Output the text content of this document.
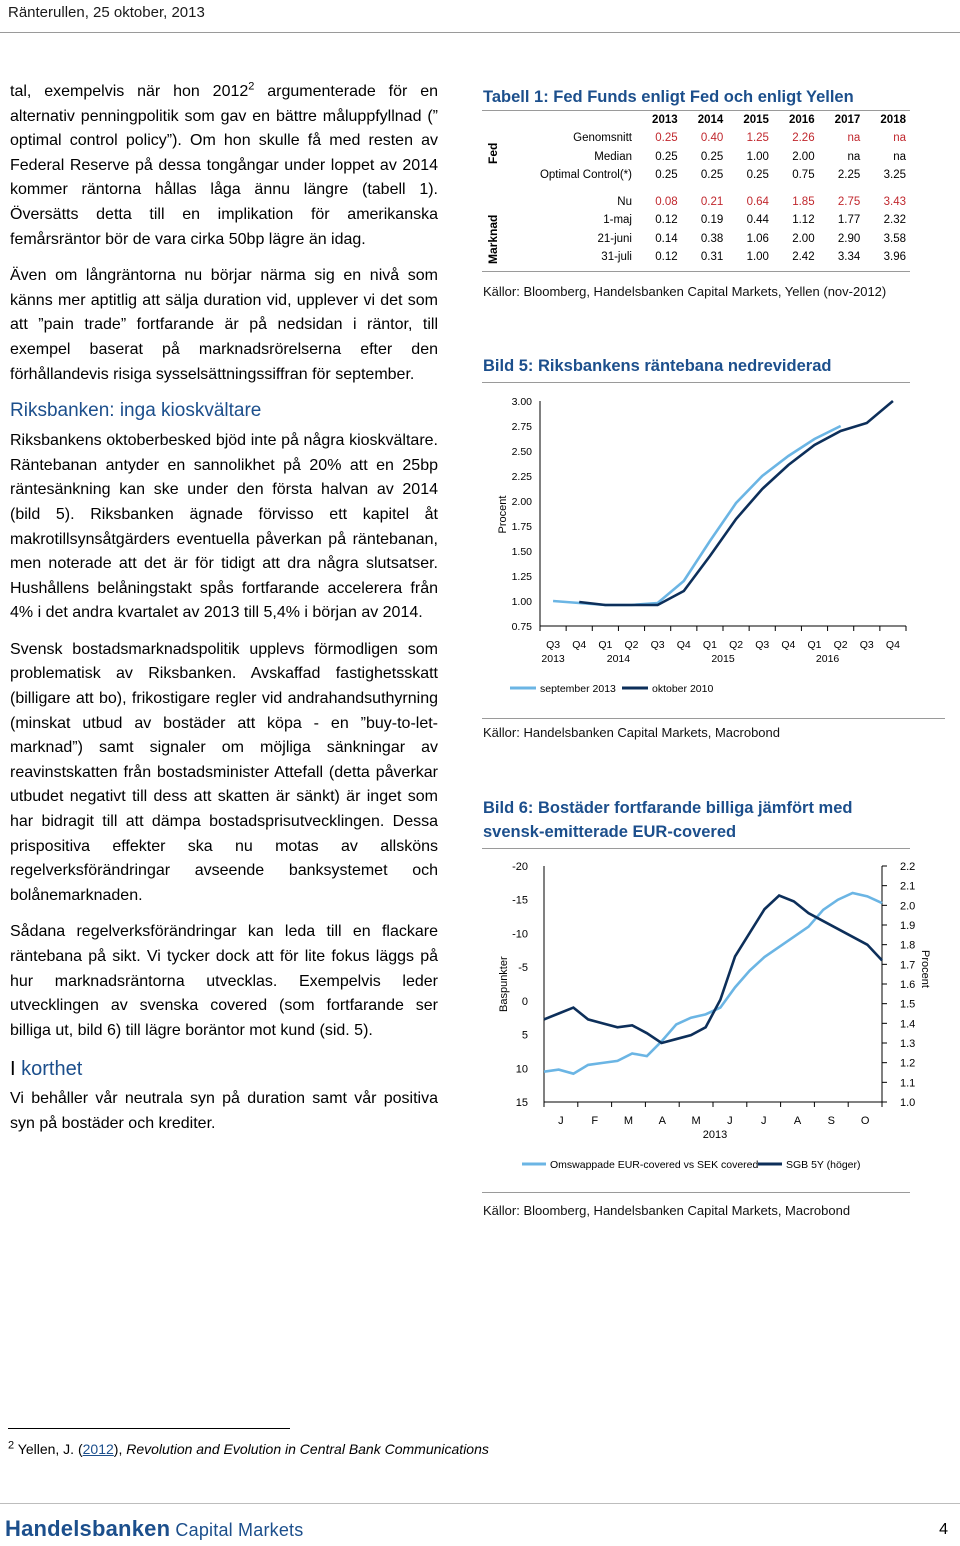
Ränterullen, 25 oktober, 2013

tal, exempelvis när hon 2012$^2$ argumenterade för en alternativ penningpolitik som gav en bättre måluppfyllnad (” optimal control policy”). Om hon skulle få med resten av Federal Reserve på dessa tongångar under loppet av 2014 kommer räntorna hållas låga ännu längre (tabell 1). Översätts detta till en implikation för amerikanska femårsräntor bör de vara cirka 50bp lägre än idag.

Även om långräntorna nu börjar närma sig en nivå som känns mer aptitlig att sälja duration vid, upplever vi det som att ”pain trade” fortfarande är på nedsidan i räntor, till exempel baserat på marknadsrörelserna efter den förhållandevis risiga sysselsättningssiffran för september.

Riksbanken: inga kioskvältare

Riksbankens oktoberbesked bjöd inte på några kioskvältare. Räntebanan antyder en sannolikhet på 20% att en 25bp räntesänkning kan ske under den första halvan av 2014 (bild 5). Riksbanken ägnade förvisso ett kapitel åt makrotillsynsåtgärders eventuella påverkan på räntebanan, men noterade att det är för tidigt att dra några slutsatser. Hushållens belåningstakt spås fortfarande accelerera från 4% i det andra kvartalet av 2013 till 5,4% i början av 2014.

Svensk bostadsmarknadspolitik upplevs förmodligen som problematisk av Riksbanken. Avskaffad fastighetsskatt (billigare att bo), frikostigare regler vid andrahandsuthyrning (minskat utbud av bostäder att köpa - en ”buy-to-let-marknad”) samt signaler om möjliga sänkningar av reavinstskatten från bostadsminister Attefall (detta påverkar utbudet negativt till dess att skatten är sänkt) är inget som har bidragit till att dämpa bostadsprisutvecklingen. Dessa prispositiva effekter ska nu motas av allsköns regelverksförändringar avseende banksystemet och bolånemarknaden.

Sådana regelverksförändringar kan leda till en flackare räntebana på sikt. Vi tycker dock att för lite fokus läggs på hur marknadsräntorna utvecklas. Exempelvis leder utvecklingen av svenska covered (som fortfarande ser billiga ut, bild 6) till lägre boräntor mot kund (sid. 5).

I korthet

Vi behåller vår neutrala syn på duration samt vår positiva syn på bostäder och krediter.

Tabell 1: Fed Funds enligt Fed och enligt Yellen
Fed
Marknad
	2013	2014	2015	2016	2017	2018
Genomsnitt	0.25	0.40	1.25	2.26	na	na
Median	0.25	0.25	1.00	2.00	na	na
Optimal Control(*)	0.25	0.25	0.25	0.75	2.25	3.25

Nu	0.08	0.21	0.64	1.85	2.75	3.43
1-maj	0.12	0.19	0.44	1.12	1.77	2.32
21-juni	0.14	0.38	1.06	2.00	2.90	3.58
31-juli	0.12	0.31	1.00	2.42	3.34	3.96
Källor: Bloomberg, Handelsbanken Capital Markets, Yellen (nov-2012)
Bild 5: Riksbankens räntebana nedreviderad
3.00
2.75
2.50
2.25
2.00
1.75
1.50
1.25
1.00
0.75
Procent
Q3 Q4 Q1 Q2 Q3 Q4 Q1 Q2 Q3 Q4 Q1 Q2 Q3 Q4
2013	2014	2015	2016
september 2013	oktober 2010
Källor: Handelsbanken Capital Markets, Macrobond
Bild 6: Bostäder fortfarande billiga jämfört med svensk-emitterade EUR-covered
-20
-15
-10
-5
0
5
10
15
2.2
2.1
2.0
1.9
1.8
1.7
1.6
1.5
1.4
1.3
1.2
1.1
1.0
Baspunkter	Procent
J	F M A M J	J A S O
2013
Omswappade EUR-covered vs SEK covered	SGB 5Y (höger)
Källor: Bloomberg, Handelsbanken Capital Markets, Macrobond
$^2$ Yellen, J. (2012), Revolution and Evolution in Central Bank Communications
Handelsbanken Capital Markets	4
